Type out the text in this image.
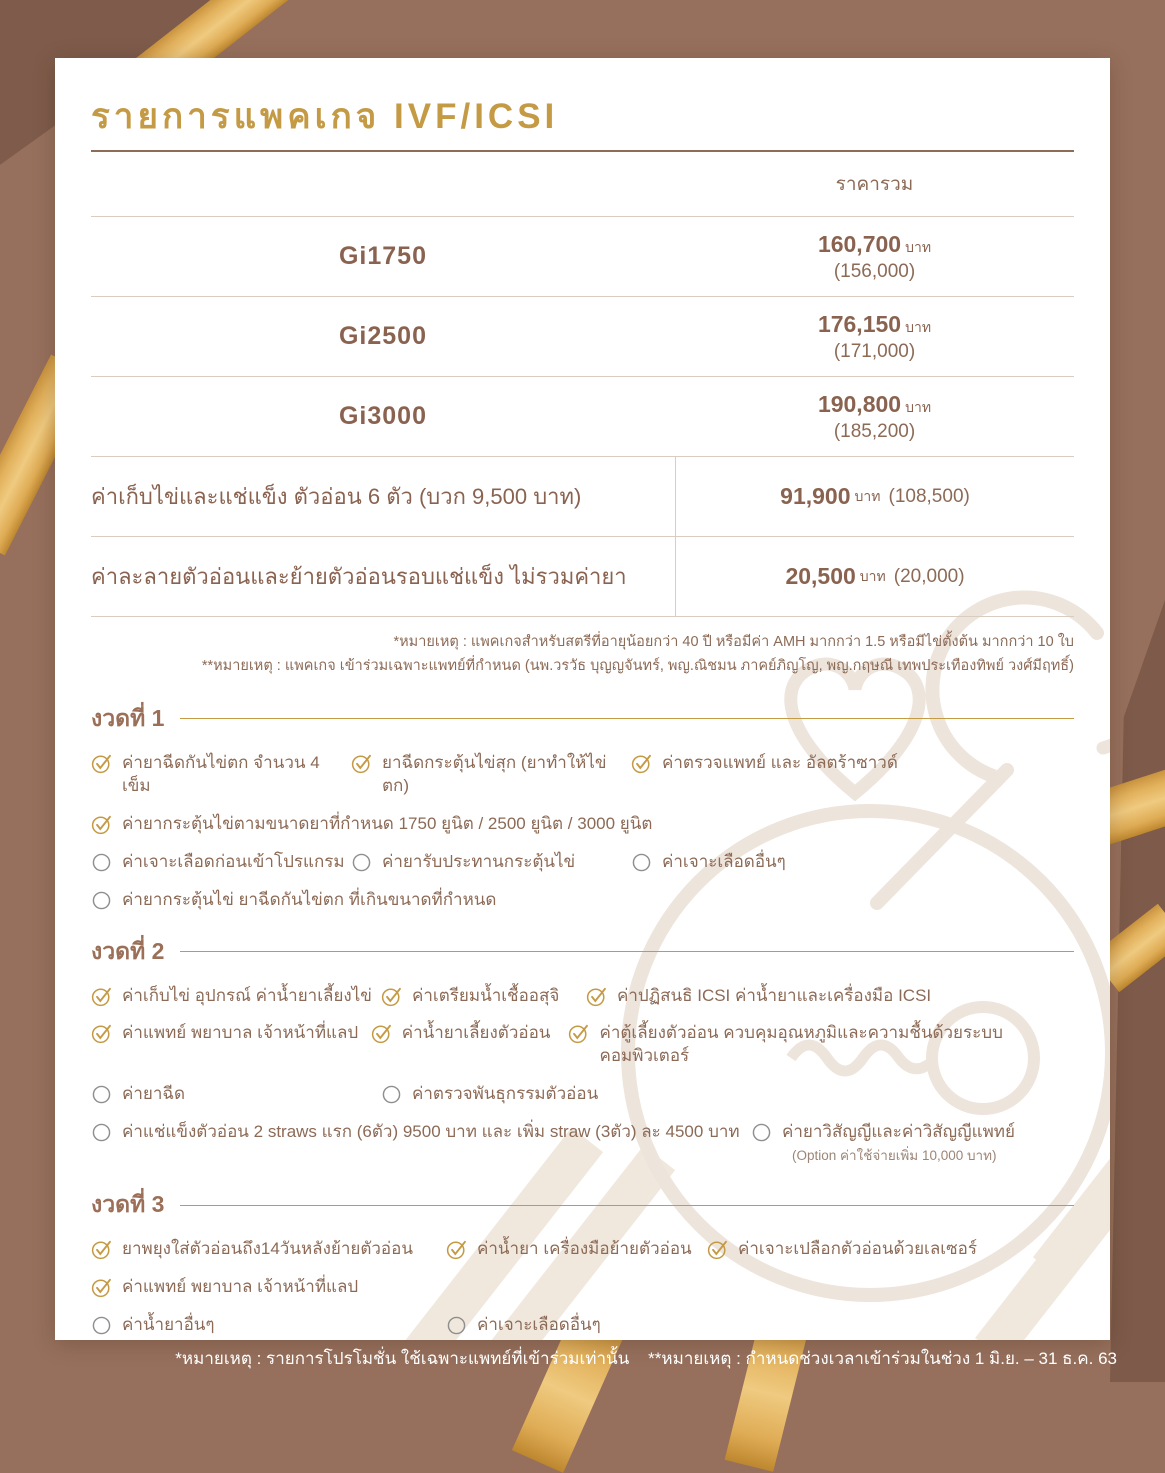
รายการแพคเกจ IVF/ICSI
ราคารวม
Gi1750	160,700 บาท
(156,000)
Gi2500	176,150 บาท
(171,000)
Gi3000	190,800 บาท
(185,200)
ค่าเก็บไข่และแช่แข็ง ตัวอ่อน 6 ตัว (บวก 9,500 บาท)	91,900 บาท (108,500)
ค่าละลายตัวอ่อนและย้ายตัวอ่อนรอบแช่แข็ง ไม่รวมค่ายา	20,500 บาท (20,000)
*หมายเหตุ : แพคเกจสำหรับสตรีที่อายุน้อยกว่า 40 ปี หรือมีค่า AMH มากกว่า 1.5 หรือมีไข่ตั้งต้น มากกว่า 10 ใบ
**หมายเหตุ : แพคเกจ เข้าร่วมเฉพาะแพทย์ที่กำหนด (นพ.วรวัธ บุญญจันทร์, พญ.ณิชมน ภาคย์ภิญโญ, พญ.กฤษณี เทพประเทืองทิพย์ วงศ์มีฤทธิ์)
งวดที่ 1
ค่ายาฉีดกันไข่ตก จำนวน 4 เข็ม
ยาฉีดกระตุ้นไข่สุก (ยาทำให้ไข่ตก)
ค่าตรวจแพทย์ และ อัลตร้าซาวด์
ค่ายากระตุ้นไข่ตามขนาดยาที่กำหนด 1750 ยูนิต / 2500 ยูนิต / 3000 ยูนิต
ค่าเจาะเลือดก่อนเข้าโปรแกรม ค่ายารับประทานกระตุ้นไข่	ค่าเจาะเลือดอื่นๆ
ค่ายากระตุ้นไข่ ยาฉีดกันไข่ตก ที่เกินขนาดที่กำหนด
งวดที่ 2
ค่าเก็บไข่ อุปกรณ์ ค่าน้ำยาเลี้ยงไข่ ค่าเตรียมน้ำเชื้ออสุจิ	ค่าปฏิสนธิ ICSI ค่าน้ำยาและเครื่องมือ ICSI
ค่าแพทย์ พยาบาล เจ้าหน้าที่แลป	ค่าน้ำยาเลี้ยงตัวอ่อน	ค่าตู้เลี้ยงตัวอ่อน ควบคุมอุณหภูมิและความชื้นด้วยระบบคอมพิวเตอร์
ค่ายาฉีด	ค่าตรวจพันธุกรรมตัวอ่อน
ค่าแช่แข็งตัวอ่อน 2 straws แรก (6ตัว) 9500 บาท และ เพิ่ม straw (3ตัว) ละ 4500 บาท ค่ายาวิสัญญีและค่าวิสัญญีแพทย์
(Option ค่าใช้จ่ายเพิ่ม 10,000 บาท)
งวดที่ 3
ยาพยุงใส่ตัวอ่อนถึง14วันหลังย้ายตัวอ่อน	ค่าน้ำยา เครื่องมือย้ายตัวอ่อน	ค่าเจาะเปลือกตัวอ่อนด้วยเลเซอร์
ค่าแพทย์ พยาบาล เจ้าหน้าที่แลป
ค่าน้ำยาอื่นๆ	ค่าเจาะเลือดอื่นๆ
*หมายเหตุ : รายการโปรโมชั่น ใช้เฉพาะแพทย์ที่เข้าร่วมเท่านั้น **หมายเหตุ : กำหนดช่วงเวลาเข้าร่วมในช่วง 1 มิ.ย. – 31 ธ.ค. 63
